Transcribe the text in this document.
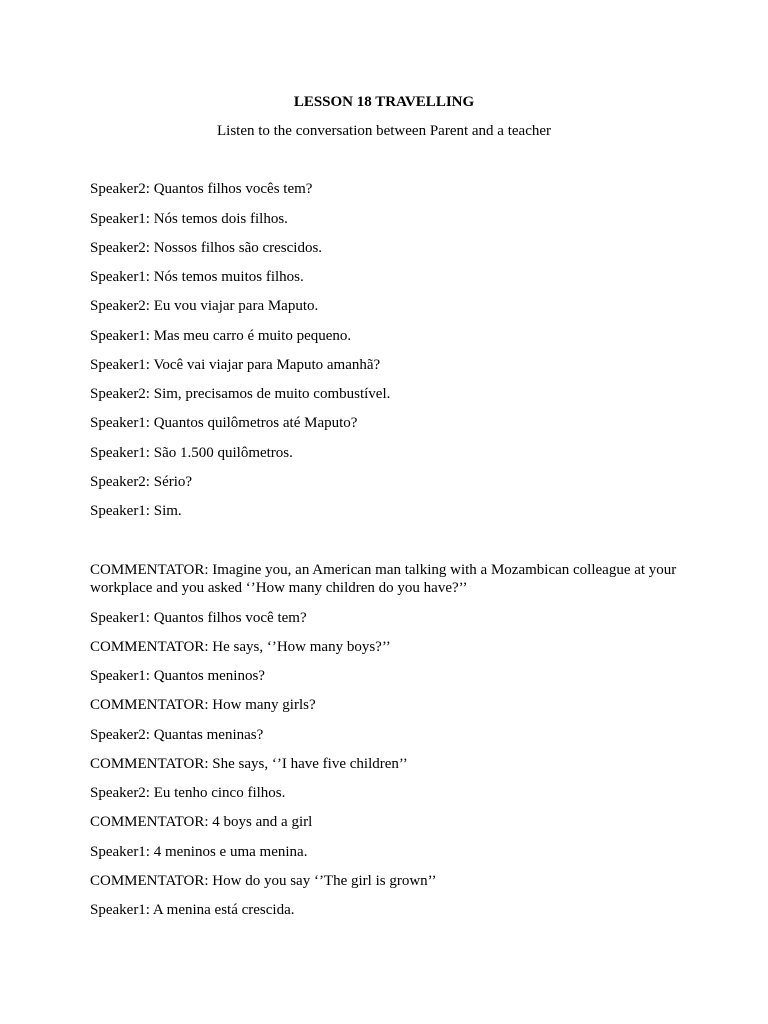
LESSON 18 TRAVELLING

Listen to the conversation between Parent and a teacher

Speaker2: Quantos filhos vocês tem?

Speaker1: Nós temos dois filhos.

Speaker2: Nossos filhos são crescidos.

Speaker1: Nós temos muitos filhos.

Speaker2: Eu vou viajar para Maputo.

Speaker1: Mas meu carro é muito pequeno.

Speaker1: Você vai viajar para Maputo amanhã?

Speaker2: Sim, precisamos de muito combustível.

Speaker1: Quantos quilômetros até Maputo?

Speaker1: São 1.500 quilômetros.

Speaker2: Sério?

Speaker1: Sim.

COMMENTATOR: Imagine you, an American man talking with a Mozambican colleague at your workplace and you asked ‘’How many children do you have?’’

Speaker1: Quantos filhos você tem?

COMMENTATOR: He says, ‘’How many boys?’’

Speaker1: Quantos meninos?

COMMENTATOR: How many girls?

Speaker2: Quantas meninas?

COMMENTATOR: She says, ‘’I have five children’’

Speaker2: Eu tenho cinco filhos.

COMMENTATOR: 4 boys and a girl

Speaker1: 4 meninos e uma menina.

COMMENTATOR: How do you say ‘’The girl is grown’’

Speaker1: A menina está crescida.
